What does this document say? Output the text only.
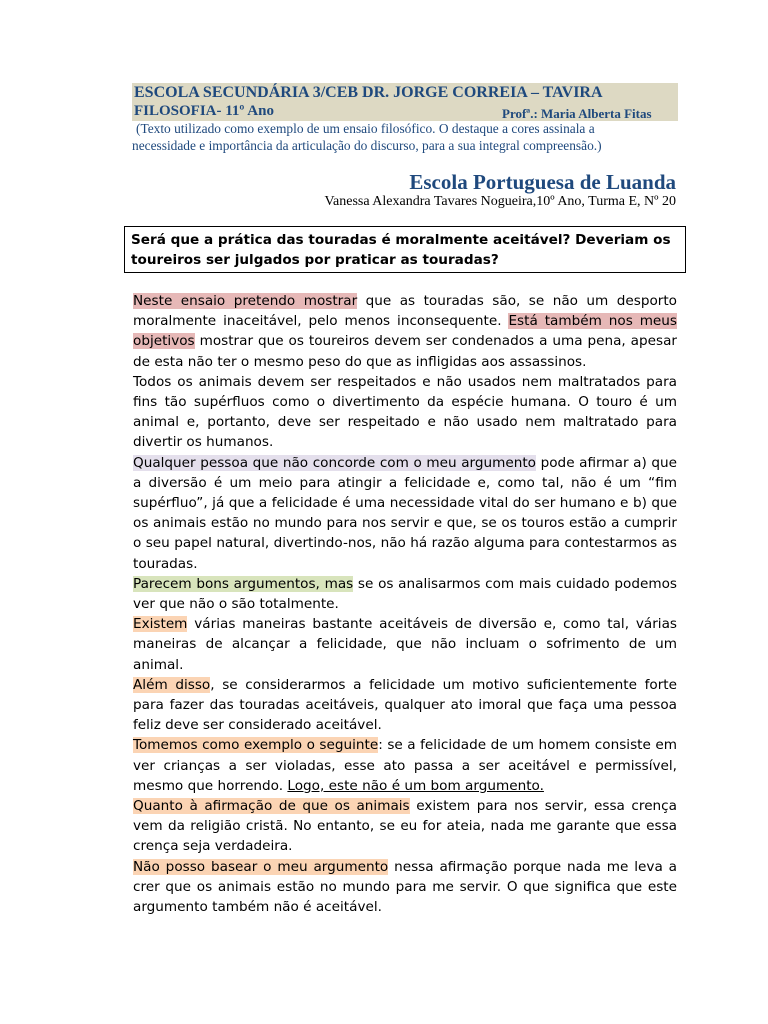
ESCOLA SECUNDÁRIA 3/CEB DR. JORGE CORREIA – TAVIRA
FILOSOFIA- 11º Ano	Profª.: Maria Alberta Fitas
(Texto utilizado como exemplo de um ensaio filosófico. O destaque a cores assinala a
necessidade e importância da articulação do discurso, para a sua integral compreensão.)
Escola Portuguesa de Luanda
Vanessa Alexandra Tavares Nogueira,10º Ano, Turma E, Nº 20
Será que a prática das touradas é moralmente aceitável? Deveriam os toureiros ser julgados por praticar as touradas?

Neste ensaio pretendo mostrar que as touradas são, se não um desporto moralmente inaceitável, pelo menos inconsequente. Está também nos meus objetivos mostrar que os toureiros devem ser condenados a uma pena, apesar de esta não ter o mesmo peso do que as infligidas aos assassinos.

Todos os animais devem ser respeitados e não usados nem maltratados para fins tão supérfluos como o divertimento da espécie humana. O touro é um animal e, portanto, deve ser respeitado e não usado nem maltratado para divertir os humanos.

Qualquer pessoa que não concorde com o meu argumento pode afirmar a) que a diversão é um meio para atingir a felicidade e, como tal, não é um “fim supérfluo”, já que a felicidade é uma necessidade vital do ser humano e b) que os animais estão no mundo para nos servir e que, se os touros estão a cumprir o seu papel natural, divertindo-nos, não há razão alguma para contestarmos as touradas.

Parecem bons argumentos, mas se os analisarmos com mais cuidado podemos ver que não o são totalmente.

Existem várias maneiras bastante aceitáveis de diversão e, como tal, várias maneiras de alcançar a felicidade, que não incluam o sofrimento de um animal.

Além disso, se considerarmos a felicidade um motivo suficientemente forte para fazer das touradas aceitáveis, qualquer ato imoral que faça uma pessoa feliz deve ser considerado aceitável.

Tomemos como exemplo o seguinte: se a felicidade de um homem consiste em ver crianças a ser violadas, esse ato passa a ser aceitável e permissível, mesmo que horrendo. Logo, este não é um bom argumento.

Quanto à afirmação de que os animais existem para nos servir, essa crença vem da religião cristã. No entanto, se eu for ateia, nada me garante que essa crença seja verdadeira.

Não posso basear o meu argumento nessa afirmação porque nada me leva a crer que os animais estão no mundo para me servir. O que significa que este argumento também não é aceitável.
